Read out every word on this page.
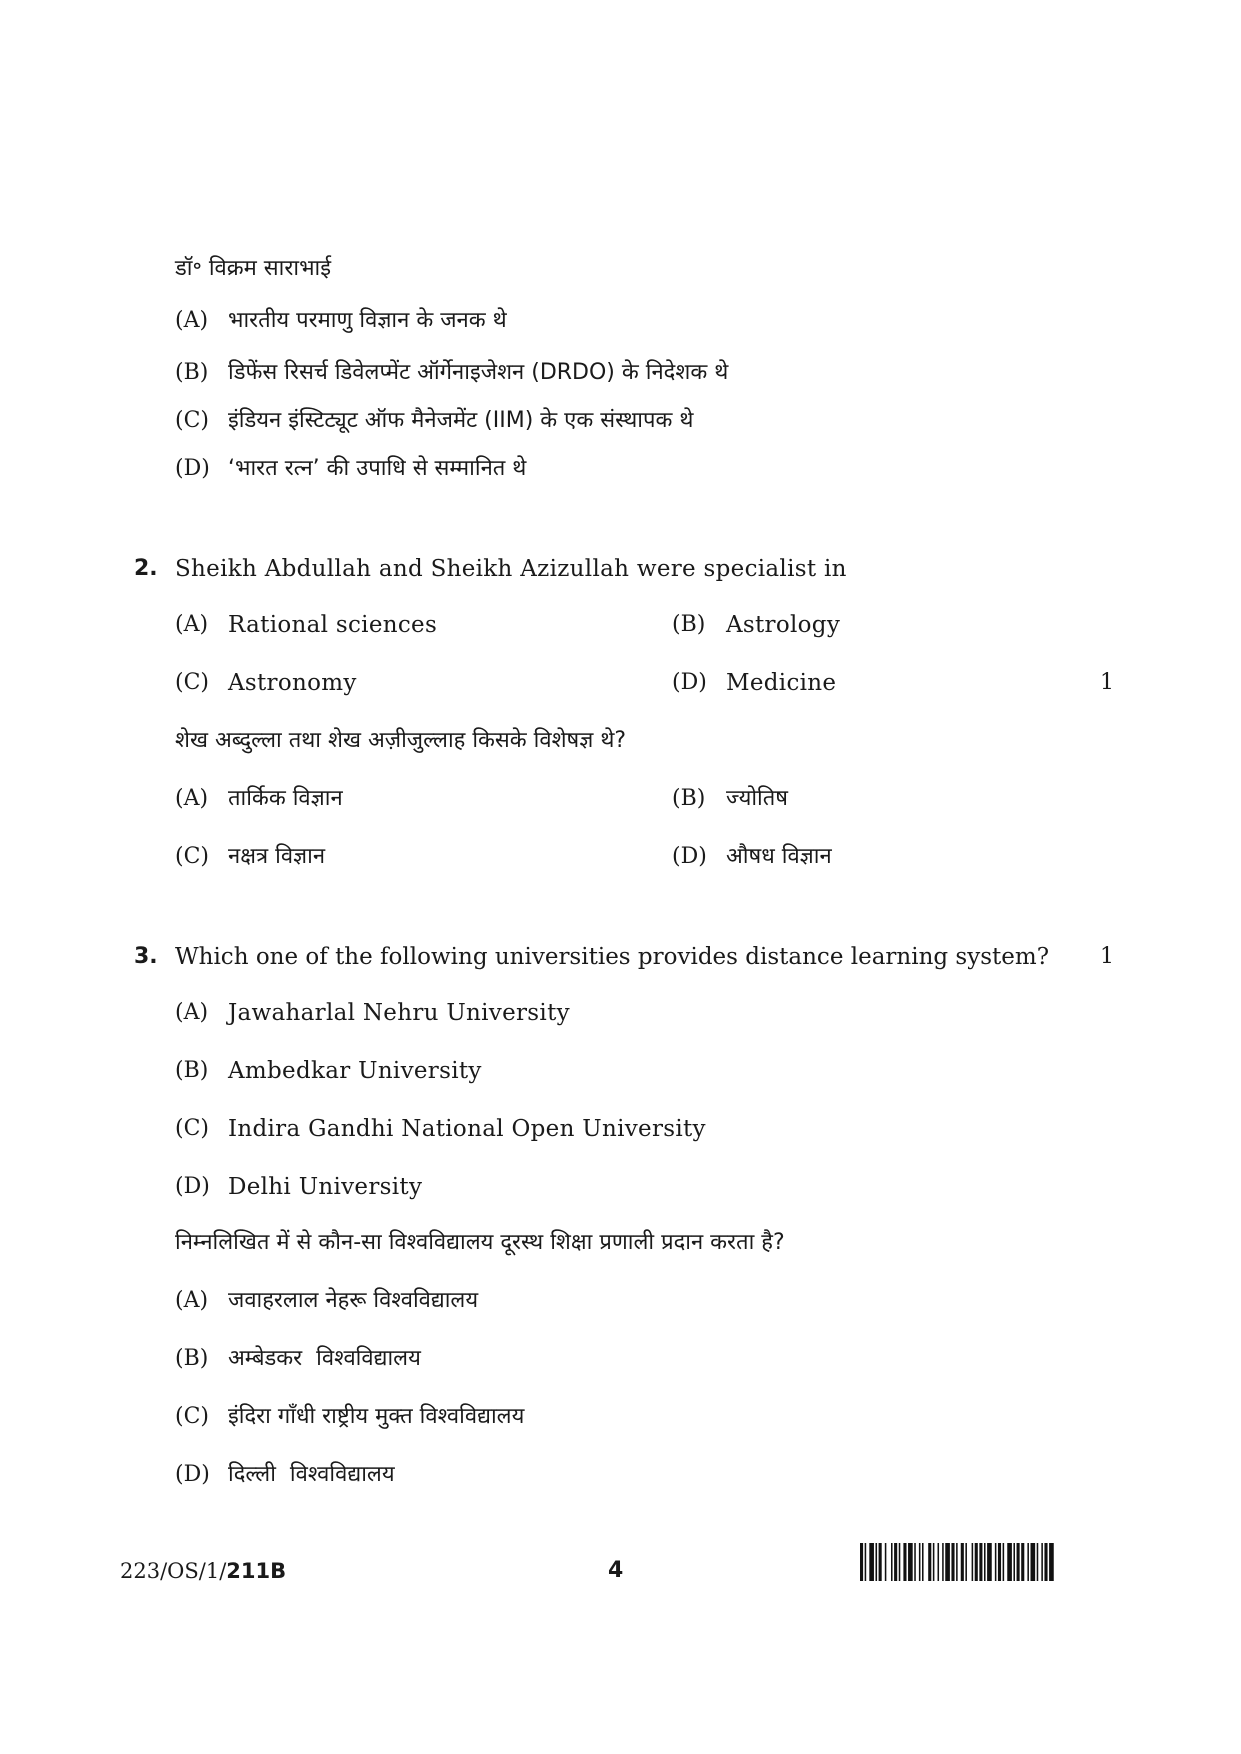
डॉ॰ विक्रम साराभाई
(A) भारतीय परमाणु विज्ञान के जनक थे
(B) डिफेंस रिसर्च डिवेलप्मेंट ऑर्गेनाइजेशन (DRDO) के निदेशक थे
(C) इंडियन इंस्टिट्यूट ऑफ मैनेजमेंट (IIM) के एक संस्थापक थे
(D) ‘भारत रत्न’ की उपाधि से सम्मानित थे
2. Sheikh Abdullah and Sheikh Azizullah were specialist in
(A) Rational sciences	(B) Astrology
(C) Astronomy	(D) Medicine	1
शेख अब्दुल्ला तथा शेख अज़ीजुल्लाह किसके विशेषज्ञ थे?
(A) तार्किक विज्ञान	(B) ज्योतिष
(C) नक्षत्र विज्ञान	(D) औषध विज्ञान
3. Which one of the following universities provides distance learning system? 1
(A) Jawaharlal Nehru University
(B) Ambedkar University
(C) Indira Gandhi National Open University
(D) Delhi University
निम्नलिखित में से कौन-सा विश्वविद्यालय दूरस्थ शिक्षा प्रणाली प्रदान करता है?
(A) जवाहरलाल नेहरू विश्वविद्यालय
(B) अम्बेडकर  विश्वविद्यालय
(C) इंदिरा गाँधी राष्ट्रीय मुक्त विश्वविद्यालय
(D) दिल्ली  विश्वविद्यालय
223/OS/1/211B	4
